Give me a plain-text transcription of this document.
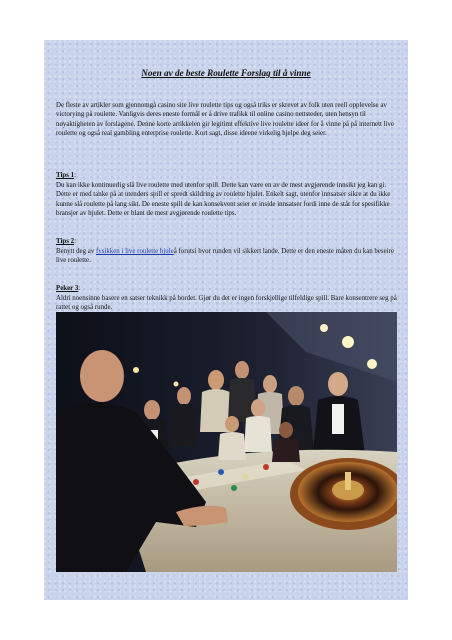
Noen av de beste Roulette Forslag til å vinne

De fleste av artikler som gjennomgå casino site live roulette tips og også triks er skrevet av folk uten reell opplevelse av victorying på roulette. Vanligvis deres eneste formål er å drive trafikk til online casino nettsteder, uten hensyn til nøyaktigheten av forslagene. Denne korte artikkelen gir legitimt effektive live roulette ideer for å vinne på på internett live roulette og også real gambling enterprise roulette. Kort sagt, disse ideene virkelig hjelpe deg seier.

Tips 1:

Du kan ikke kontinuerlig slå live roulette med utenfor spill. Dette kan være en av de mest avgjørende innsikt jeg kan gi. Dette er med tanke på at utendørs spill er spredt skildring av roulette hjulet. Enkelt sagt, utenfor innsatser sikre at du ikke kunne slå roulette på lang sikt. De eneste spill de kan konsekvent seier er inside innsatser fordi inne de står for spesifikke bransjer av hjulet. Dette er blant de mest avgjørende roulette tips.

Tips 2:

Benytt deg av fysikken i live roulette hjuleå forutsi hvor runden vil sikkert lande. Dette er den eneste måten du kan beseire live roulette.

Peker 3:

Aldri noensinne basere en satser teknikk på bordet. Gjør du det er ingen forskjellige tilfeldige spill. Bare konsentrere seg på rattet og også runde.
